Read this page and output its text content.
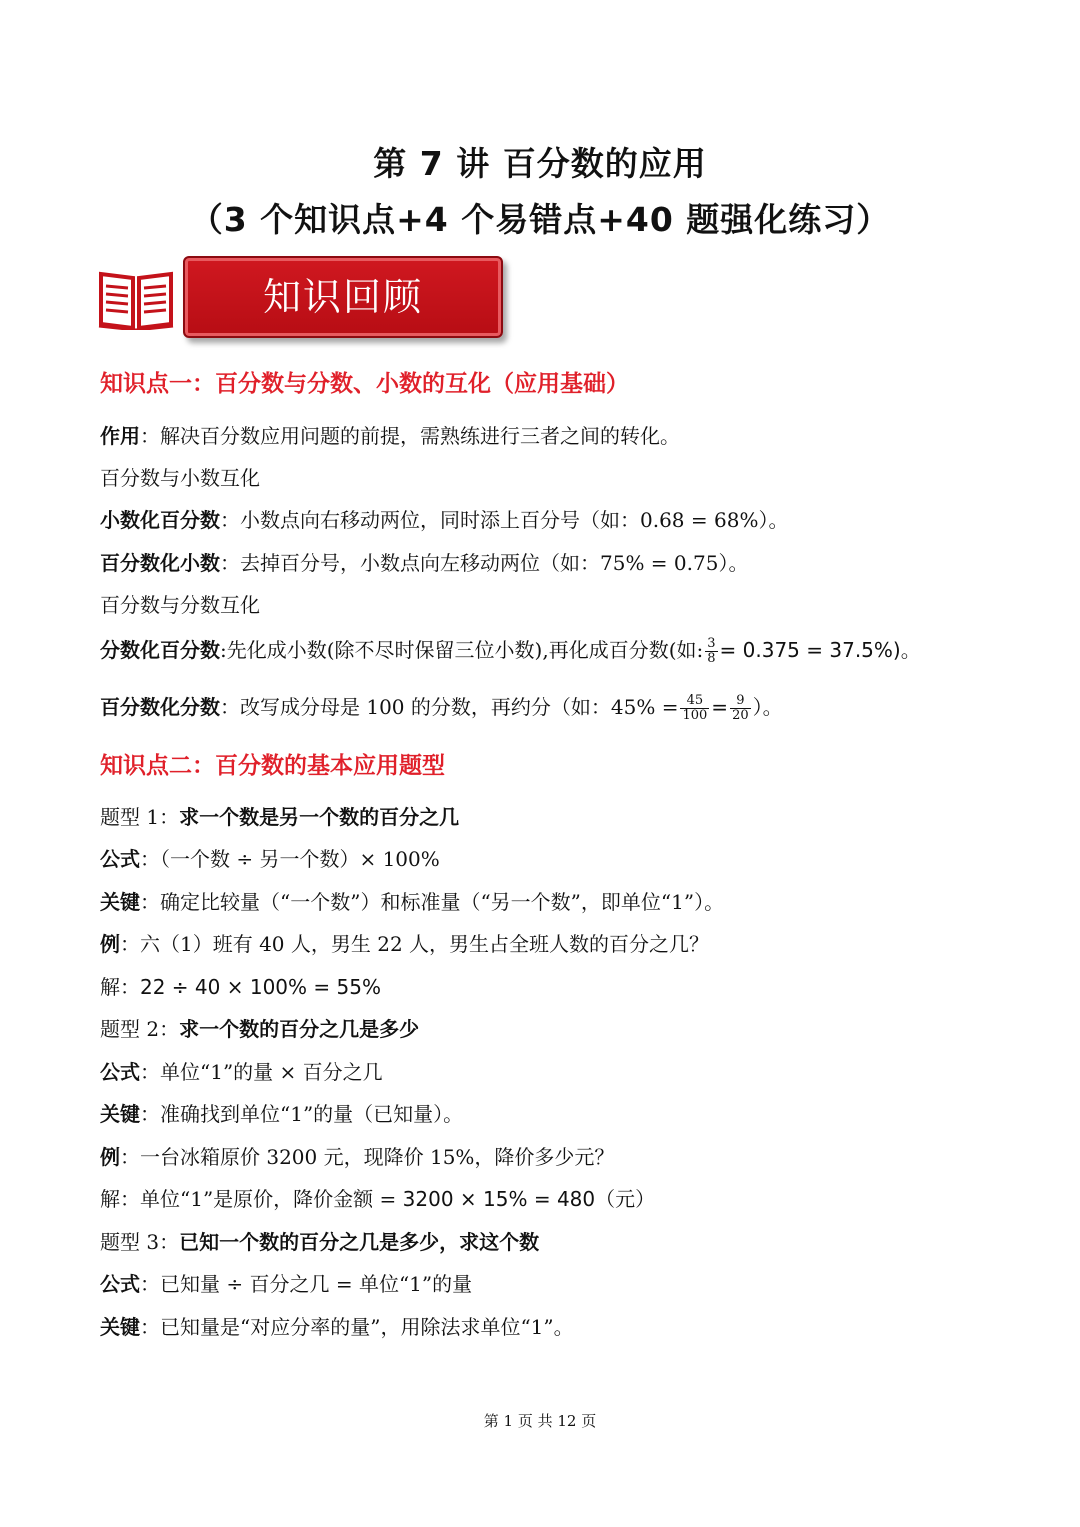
第 7 讲 百分数的应用
（3 个知识点+4 个易错点+40 题强化练习）
知识回顾
知识点一：百分数与分数、小数的互化（应用基础）
作用：解决百分数应用问题的前提，需熟练进行三者之间的转化。
百分数与小数互化
小数化百分数：小数点向右移动两位，同时添上百分号（如：0.68 = 68%）。
百分数化小数：去掉百分号，小数点向左移动两位（如：75% = 0.75）。
百分数与分数互化
分数化百分数:先化成小数(除不尽时保留三位小数),再化成百分数(如: $\frac{3}{8} = 0.375 = 37.5\%$)。
百分数化分数：改写成分母是 100 的分数，再约分（如：$45\% = \frac{45}{100} = \frac{9}{20}$ ）。
知识点二：百分数的基本应用题型
题型 1：求一个数是另一个数的百分之几
公式：（一个数 ÷ 另一个数）× 100%
关键：确定比较量（“一个数”）和标准量（“另一个数”，即单位“1”）。
例：六（1）班有 40 人，男生 22 人，男生占全班人数的百分之几？
解：22 ÷ 40 × 100% = 55%
题型 2：求一个数的百分之几是多少
公式：单位“1”的量 × 百分之几
关键：准确找到单位“1”的量（已知量）。
例：一台冰箱原价 3200 元，现降价 15%，降价多少元？
解：单位“1”是原价，降价金额 = 3200 × 15% = 480（元）
题型 3：已知一个数的百分之几是多少，求这个数
公式：已知量 ÷ 百分之几 = 单位“1”的量
关键：已知量是“对应分率的量”，用除法求单位“1”。
第 1 页 共 12 页
